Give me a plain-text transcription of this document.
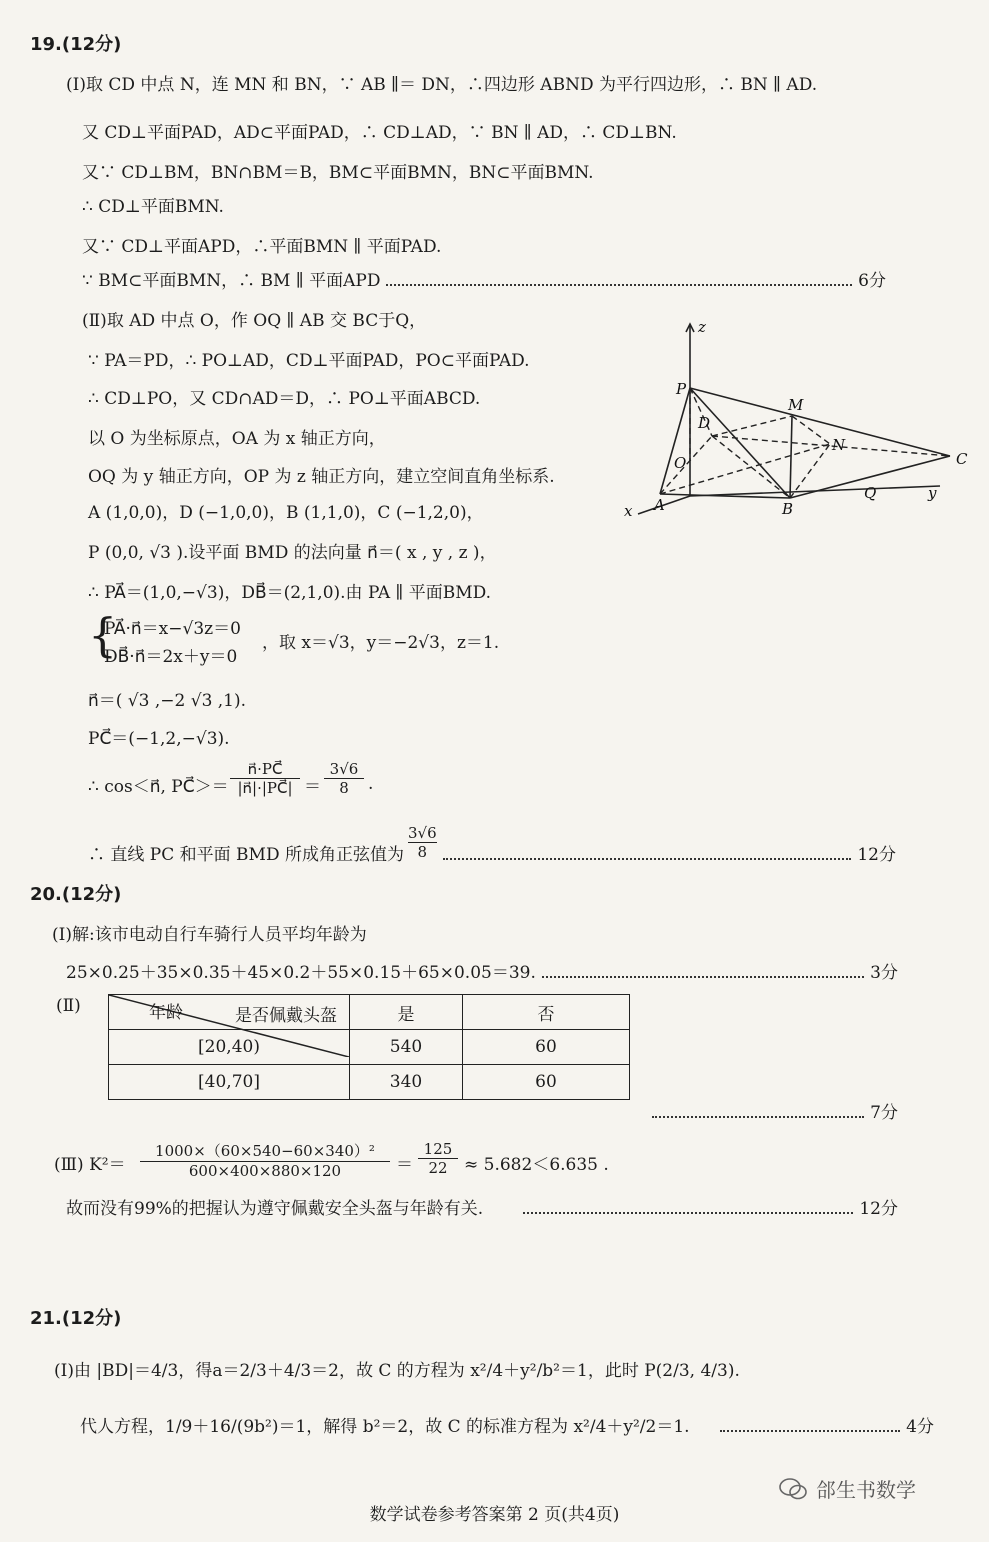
19.(12分)
(Ⅰ)取 CD 中点 N，连 MN 和 BN，∵ AB ∥＝ DN，∴四边形 ABND 为平行四边形，∴ BN ∥ AD.
又 CD⊥平面PAD，AD⊂平面PAD，∴ CD⊥AD，∵ BN ∥ AD，∴ CD⊥BN.
又∵ CD⊥BM，BN∩BM＝B，BM⊂平面BMN，BN⊂平面BMN.
∴ CD⊥平面BMN.
又∵ CD⊥平面APD，∴平面BMN ∥ 平面PAD.
∵ BM⊂平面BMN，∴ BM ∥ 平面APD	6分
(Ⅱ)取 AD 中点 O，作 OQ ∥ AB 交 BC于Q，
∵ PA＝PD，∴ PO⊥AD，CD⊥平面PAD，PO⊂平面PAD.
∴ CD⊥PO，又 CD∩AD＝D，∴ PO⊥平面ABCD.
以 O 为坐标原点，OA 为 x 轴正方向，
OQ 为 y 轴正方向，OP 为 z 轴正方向，建立空间直角坐标系.
A (1,0,0)，D (−1,0,0)，B (1,1,0)，C (−1,2,0)，
P (0,0, √3 ).设平面 BMD 的法向量 n⃗＝( x , y , z )，
∴ PA⃗＝(1,0,−√3)，DB⃗＝(2,1,0).由 PA ∥ 平面BMD.
{
PA⃗·n⃗＝x−√3z＝0
DB⃗·n⃗＝2x＋y＝0
，取 x＝√3，y＝−2√3，z＝1.
n⃗＝( √3 ,−2 √3 ,1).
PC⃗＝(−1,2,−√3).
∴ cos＜n⃗, PC⃗＞＝ $\frac{n⃗\cdot PC⃗}{|n⃗|\cdot|PC⃗|}$ ＝
3√6
8	.
∴ 直线 PC 和平面 BMD 所成角正弦值为 $\frac{3√6}{8}$	12分
z
x
y
P
M
D
N
O
A	B
Q
C
20.(12分)
(Ⅰ)解:该市电动自行车骑行人员平均年龄为
25×0.25＋35×0.35＋45×0.2＋55×0.15＋65×0.05＝39.	3分
(Ⅱ)	是否佩戴头盔
年龄	是	否
[20,40)	540	60
[40,70]	340	60
7分
(Ⅲ) $K^2= \frac{\text{1000×（60×540−60×340）²}}{600\times 400\times 880\times 120}$ ＝
125
22 ≈ 5.682＜6.635 .
故而没有99%的把握认为遵守佩戴安全头盔与年龄有关.	12分
21.(12分)
(Ⅰ)由 |BD|＝4/3，得a＝2/3＋4/3＝2，故 C 的方程为 x²/4＋y²/b²＝1，此时 P(2/3, 4/3).
代人方程，1/9＋16/(9b²)＝1，解得 b²＝2，故 C 的标准方程为 x²/4＋y²/2＝1.	4分
郃生书数学
数学试卷参考答案第 2 页(共4页)
